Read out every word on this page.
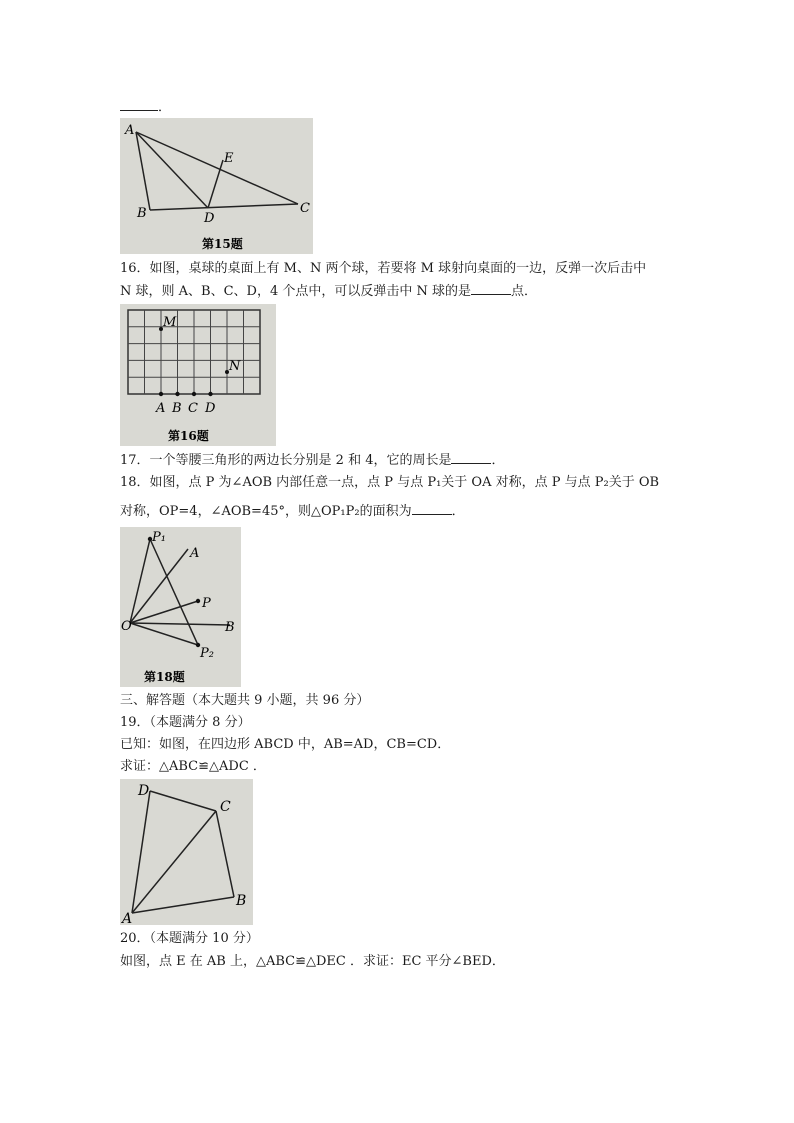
．
A
B	C
D
E
第15题
16．如图，桌球的桌面上有 M、N 两个球，若要将 M 球射向桌面的一边，反弹一次后击中
N 球，则 A、B、C、D，4 个点中，可以反弹击中 N 球的是	点．
M
N
A B C D
第16题
17．一个等腰三角形的两边长分别是 2 和 4，它的周长是	．
18．如图，点 P 为∠AOB 内部任意一点，点 P 与点 P₁关于 OA 对称，点 P 与点 P₂关于 OB
对称，OP=4，∠AOB=45°，则△OP₁P₂的面积为	．
P₁
A
P
O	B
P₂
第18题
三、解答题（本大题共 9 小题，共 96 分）
19．（本题满分 8 分）
已知：如图，在四边形 ABCD 中，AB=AD，CB=CD．
求证：△ABC≌△ADC ．
D
C
A
B
20．（本题满分 10 分）
如图，点 E 在 AB 上，△ABC≌△DEC ．求证：EC 平分∠BED．
